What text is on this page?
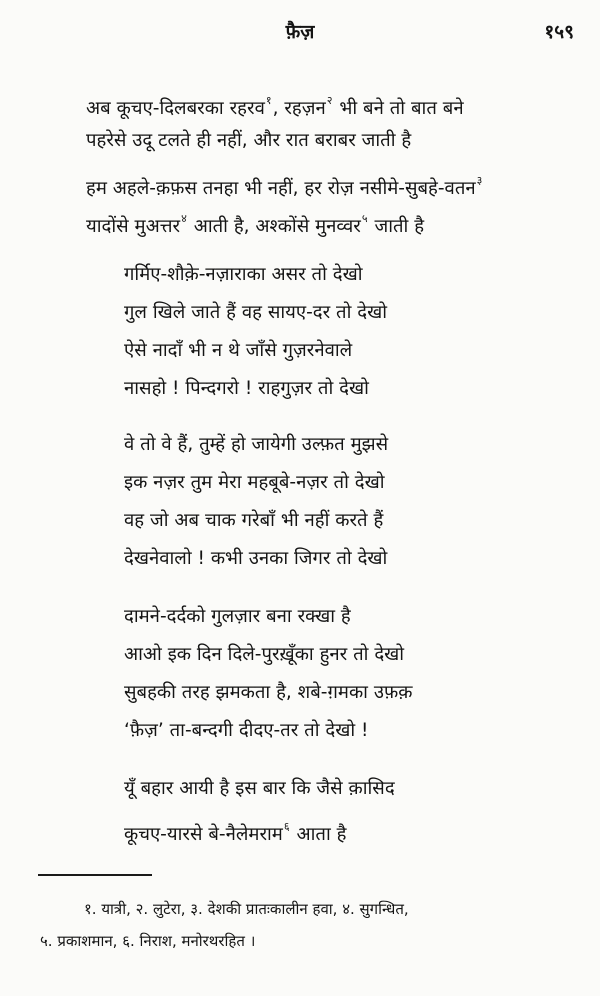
फ़ैज़	१५९
अब कूचए-दिलबरका रहरव$^१$, रहज़न$^२$ भी बने तो बात बने
पहरेसे उदू टलते ही नहीं, और रात बराबर जाती है
हम अहले-क़फ़स तनहा भी नहीं, हर रोज़ नसीमे-सुबहे-वतन$^३$
यादोंसे मुअत्तर$^४$ आती है, अश्कोंसे मुनव्वर$^५$ जाती है
गर्मिए-शौक़े-नज़ाराका असर तो देखो
गुल खिले जाते हैं वह सायए-दर तो देखो
ऐसे नादाँ भी न थे जाँसे गुज़रनेवाले
नासहो ! पिन्दगरो ! राहगुज़र तो देखो
वे तो वे हैं, तुम्हें हो जायेगी उल्फ़त मुझसे
इक नज़र तुम मेरा महबूबे-नज़र तो देखो
वह जो अब चाक गरेबाँ भी नहीं करते हैं
देखनेवालो ! कभी उनका जिगर तो देखो
दामने-दर्दको गुलज़ार बना रक्खा है
आओ इक दिन दिले-पुरख़ूँका हुनर तो देखो
सुबहकी तरह झमकता है, शबे-ग़मका उफ़क़
‘फ़ैज़’ ता-बन्दगी दीदए-तर तो देखो !
यूँ बहार आयी है इस बार कि जैसे क़ासिद
कूचए-यारसे बे-नैलेमराम$^६$ आता है
१. यात्री, २. लुटेरा, ३. देशकी प्रातःकालीन हवा, ४. सुगन्धित,
५. प्रकाशमान, ६. निराश, मनोरथरहित ।
